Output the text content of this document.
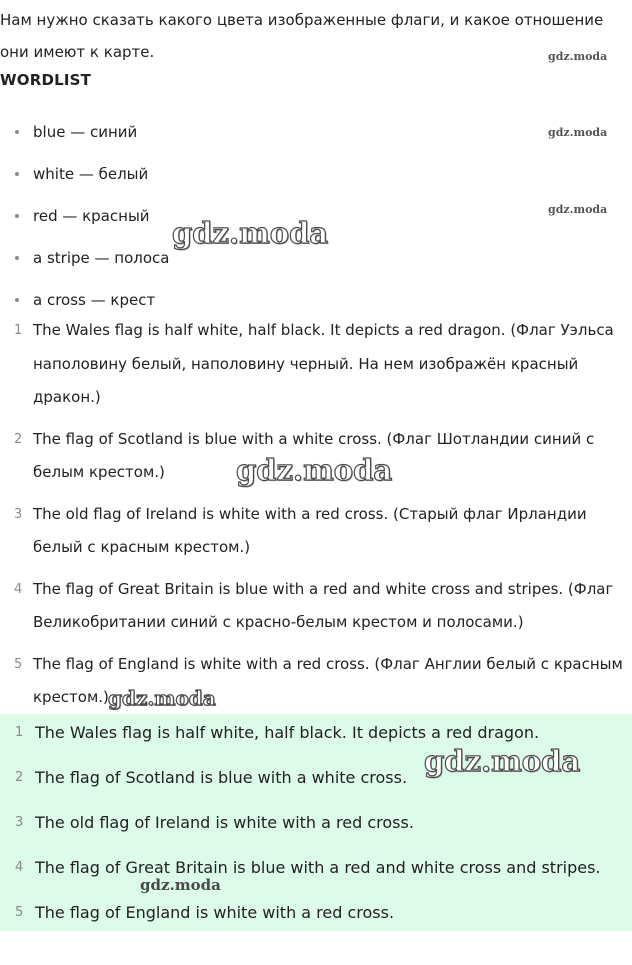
Нам нужно сказать какого цвета изображенные флаги, и какое отношение они имеют к карте.

WORDLIST
blue — синий
white — белый
red — красный
a stripe — полоса
a cross — крест
1 The Wales flag is half white, half black. It depicts a red dragon. (Флаг Уэльса наполовину белый, наполовину черный. На нем изображён красный дракон.)
2 The flag of Scotland is blue with a white cross. (Флаг Шотландии синий с белым крестом.)
3 The old flag of Ireland is white with a red cross. (Старый флаг Ирландии белый с красным крестом.)
4 The flag of Great Britain is blue with a red and white cross and stripes. (Флаг Великобритании синий с красно-белым крестом и полосами.)
5 The flag of England is white with a red cross. (Флаг Англии белый с красным крестом.)
1 The Wales flag is half white, half black. It depicts a red dragon.
2 The flag of Scotland is blue with a white cross.
3 The old flag of Ireland is white with a red cross.
4 The flag of Great Britain is blue with a red and white cross and stripes.
5 The flag of England is white with a red cross.
gdz.moda
gdz.moda
gdz.moda
gdz.moda
gdz.moda
gdz.moda
gdz.moda
gdz.moda
